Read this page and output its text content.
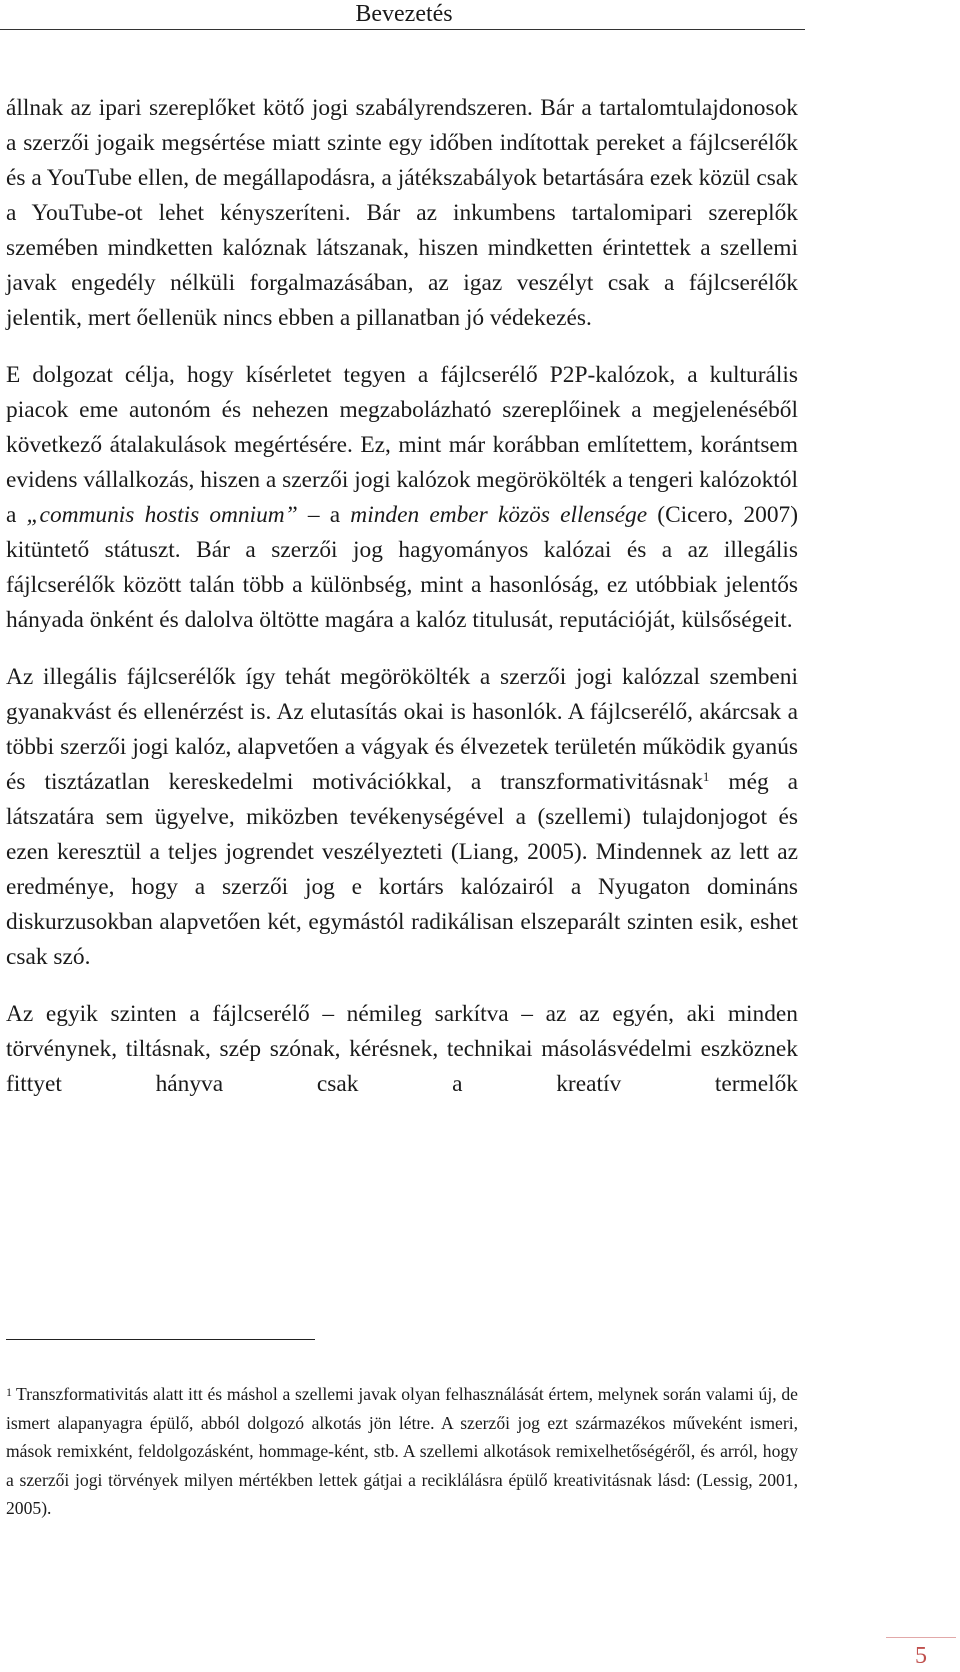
Bevezetés

állnak az ipari szereplőket kötő jogi szabályrendszeren. Bár a tartalomtulajdonosok a szerzői jogaik megsértése miatt szinte egy időben indítottak pereket a fájlcserélők és a YouTube ellen, de megállapodásra, a játékszabályok betartására ezek közül csak a YouTube-ot lehet kényszeríteni. Bár az inkumbens tartalomipari szereplők szemében mindketten kalóznak látszanak, hiszen mindketten érintettek a szellemi javak engedély nélküli forgalmazásában, az igaz veszélyt csak a fájlcserélők jelentik, mert őellenük nincs ebben a pillanatban jó védekezés.

E dolgozat célja, hogy kísérletet tegyen a fájlcserélő P2P-kalózok, a kulturális piacok eme autonóm és nehezen megzabolázható szereplőinek a megjelenéséből következő átalakulások megértésére. Ez, mint már korábban említettem, korántsem evidens vállalkozás, hiszen a szerzői jogi kalózok megörökölték a tengeri kalózoktól a „communis hostis omnium” – a minden ember közös ellensége (Cicero, 2007) kitüntető státuszt. Bár a szerzői jog hagyományos kalózai és a az illegális fájlcserélők között talán több a különbség, mint a hasonlóság, ez utóbbiak jelentős hányada önként és dalolva öltötte magára a kalóz titulusát, reputációját, külsőségeit.

Az illegális fájlcserélők így tehát megörökölték a szerzői jogi kalózzal szembeni gyanakvást és ellenérzést is. Az elutasítás okai is hasonlók. A fájlcserélő, akárcsak a többi szerzői jogi kalóz, alapvetően a vágyak és élvezetek területén működik gyanús és tisztázatlan kereskedelmi motivációkkal, a transzformativitásnak$^1$ még a látszatára sem ügyelve, miközben tevékenységével a (szellemi) tulajdonjogot és ezen keresztül a teljes jogrendet veszélyezteti (Liang, 2005). Mindennek az lett az eredménye, hogy a szerzői jog e kortárs kalózairól a Nyugaton domináns diskurzusokban alapvetően két, egymástól radikálisan elszeparált szinten esik, eshet csak szó.

Az egyik szinten a fájlcserélő – némileg sarkítva – az az egyén, aki minden törvénynek, tiltásnak, szép szónak, kérésnek, technikai másolásvédelmi eszköznek fittyet hányva csak a kreatív termelők

$^1$ Transzformativitás alatt itt és máshol a szellemi javak olyan felhasználását értem, melynek során valami új, de ismert alapanyagra épülő, abból dolgozó alkotás jön létre. A szerzői jog ezt származékos műveként ismeri, mások remixként, feldolgozásként, hommage-ként, stb. A szellemi alkotások remixelhetőségéről, és arról, hogy a szerzői jogi törvények milyen mértékben lettek gátjai a reciklálásra épülő kreativitásnak lásd: (Lessig, 2001, 2005).

5
